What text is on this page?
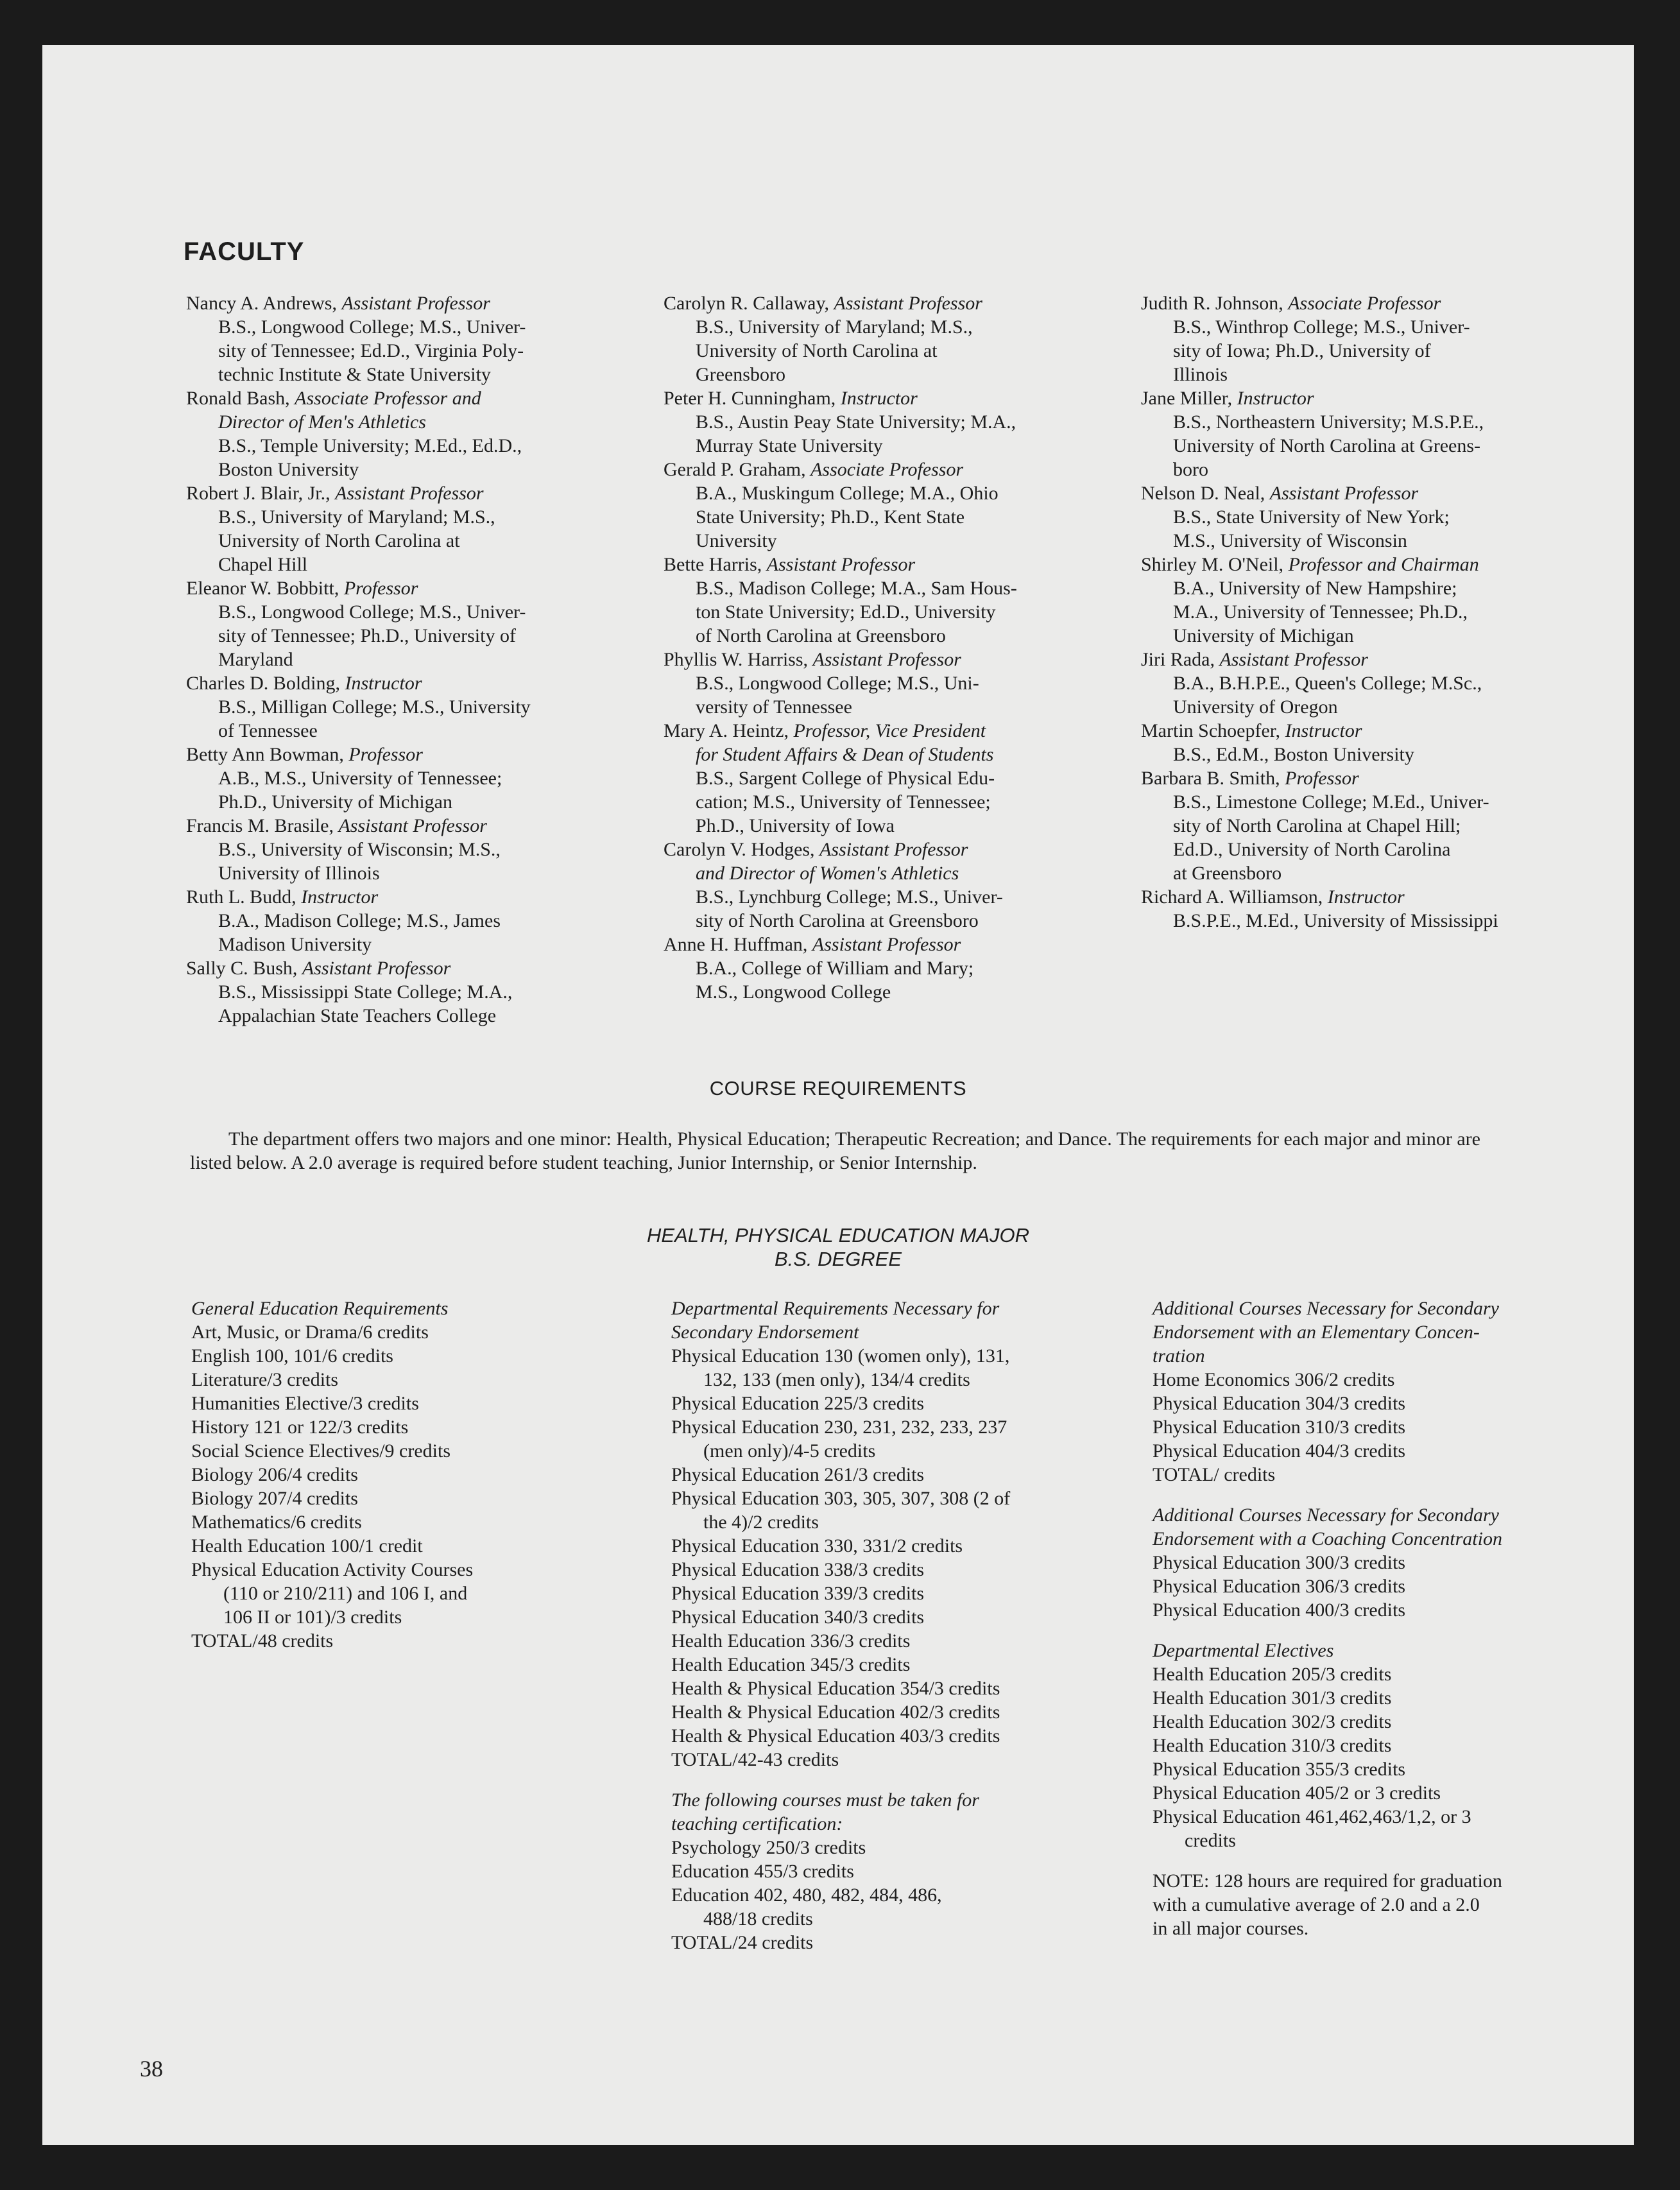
FACULTY
Nancy A. Andrews, Assistant Professor
B.S., Longwood College; M.S., Univer-
sity of Tennessee; Ed.D., Virginia Poly-
technic Institute & State University
Ronald Bash, Associate Professor and
Director of Men's Athletics
B.S., Temple University; M.Ed., Ed.D.,
Boston University
Robert J. Blair, Jr., Assistant Professor
B.S., University of Maryland; M.S.,
University of North Carolina at
Chapel Hill
Eleanor W. Bobbitt, Professor
B.S., Longwood College; M.S., Univer-
sity of Tennessee; Ph.D., University of
Maryland
Charles D. Bolding, Instructor
B.S., Milligan College; M.S., University
of Tennessee
Betty Ann Bowman, Professor
A.B., M.S., University of Tennessee;
Ph.D., University of Michigan
Francis M. Brasile, Assistant Professor
B.S., University of Wisconsin; M.S.,
University of Illinois
Ruth L. Budd, Instructor
B.A., Madison College; M.S., James
Madison University
Sally C. Bush, Assistant Professor
B.S., Mississippi State College; M.A.,
Appalachian State Teachers College
Carolyn R. Callaway, Assistant Professor
B.S., University of Maryland; M.S.,
University of North Carolina at
Greensboro
Peter H. Cunningham, Instructor
B.S., Austin Peay State University; M.A.,
Murray State University
Gerald P. Graham, Associate Professor
B.A., Muskingum College; M.A., Ohio
State University; Ph.D., Kent State
University
Bette Harris, Assistant Professor
B.S., Madison College; M.A., Sam Hous-
ton State University; Ed.D., University
of North Carolina at Greensboro
Phyllis W. Harriss, Assistant Professor
B.S., Longwood College; M.S., Uni-
versity of Tennessee
Mary A. Heintz, Professor, Vice President
for Student Affairs & Dean of Students
B.S., Sargent College of Physical Edu-
cation; M.S., University of Tennessee;
Ph.D., University of Iowa
Carolyn V. Hodges, Assistant Professor
and Director of Women's Athletics
B.S., Lynchburg College; M.S., Univer-
sity of North Carolina at Greensboro
Anne H. Huffman, Assistant Professor
B.A., College of William and Mary;
M.S., Longwood College
Judith R. Johnson, Associate Professor
B.S., Winthrop College; M.S., Univer-
sity of Iowa; Ph.D., University of
Illinois
Jane Miller, Instructor
B.S., Northeastern University; M.S.P.E.,
University of North Carolina at Greens-
boro
Nelson D. Neal, Assistant Professor
B.S., State University of New York;
M.S., University of Wisconsin
Shirley M. O'Neil, Professor and Chairman
B.A., University of New Hampshire;
M.A., University of Tennessee; Ph.D.,
University of Michigan
Jiri Rada, Assistant Professor
B.A., B.H.P.E., Queen's College; M.Sc.,
University of Oregon
Martin Schoepfer, Instructor
B.S., Ed.M., Boston University
Barbara B. Smith, Professor
B.S., Limestone College; M.Ed., Univer-
sity of North Carolina at Chapel Hill;
Ed.D., University of North Carolina
at Greensboro
Richard A. Williamson, Instructor
B.S.P.E., M.Ed., University of Mississippi
COURSE REQUIREMENTS
The department offers two majors and one minor: Health, Physical Education; Therapeutic Recreation; and Dance. The requirements for each major and minor are listed below. A 2.0 average is required before student teaching, Junior Internship, or Senior Internship.
HEALTH, PHYSICAL EDUCATION MAJOR
B.S. DEGREE
General Education Requirements
Art, Music, or Drama/6 credits
English 100, 101/6 credits
Literature/3 credits
Humanities Elective/3 credits
History 121 or 122/3 credits
Social Science Electives/9 credits
Biology 206/4 credits
Biology 207/4 credits
Mathematics/6 credits
Health Education 100/1 credit
Physical Education Activity Courses
(110 or 210/211) and 106 I, and
106 II or 101)/3 credits
TOTAL/48 credits
Departmental Requirements Necessary for
Secondary Endorsement
Physical Education 130 (women only), 131,
132, 133 (men only), 134/4 credits
Physical Education 225/3 credits
Physical Education 230, 231, 232, 233, 237
(men only)/4-5 credits
Physical Education 261/3 credits
Physical Education 303, 305, 307, 308 (2 of
the 4)/2 credits
Physical Education 330, 331/2 credits
Physical Education 338/3 credits
Physical Education 339/3 credits
Physical Education 340/3 credits
Health Education 336/3 credits
Health Education 345/3 credits
Health & Physical Education 354/3 credits
Health & Physical Education 402/3 credits
Health & Physical Education 403/3 credits
TOTAL/42-43 credits
The following courses must be taken for
teaching certification:
Psychology 250/3 credits
Education 455/3 credits
Education 402, 480, 482, 484, 486,
488/18 credits
TOTAL/24 credits
Additional Courses Necessary for Secondary
Endorsement with an Elementary Concen-
tration
Home Economics 306/2 credits
Physical Education 304/3 credits
Physical Education 310/3 credits
Physical Education 404/3 credits
TOTAL/ credits
Additional Courses Necessary for Secondary
Endorsement with a Coaching Concentration
Physical Education 300/3 credits
Physical Education 306/3 credits
Physical Education 400/3 credits
Departmental Electives
Health Education 205/3 credits
Health Education 301/3 credits
Health Education 302/3 credits
Health Education 310/3 credits
Physical Education 355/3 credits
Physical Education 405/2 or 3 credits
Physical Education 461,462,463/1,2, or 3
credits
NOTE: 128 hours are required for graduation
with a cumulative average of 2.0 and a 2.0
in all major courses.
38
